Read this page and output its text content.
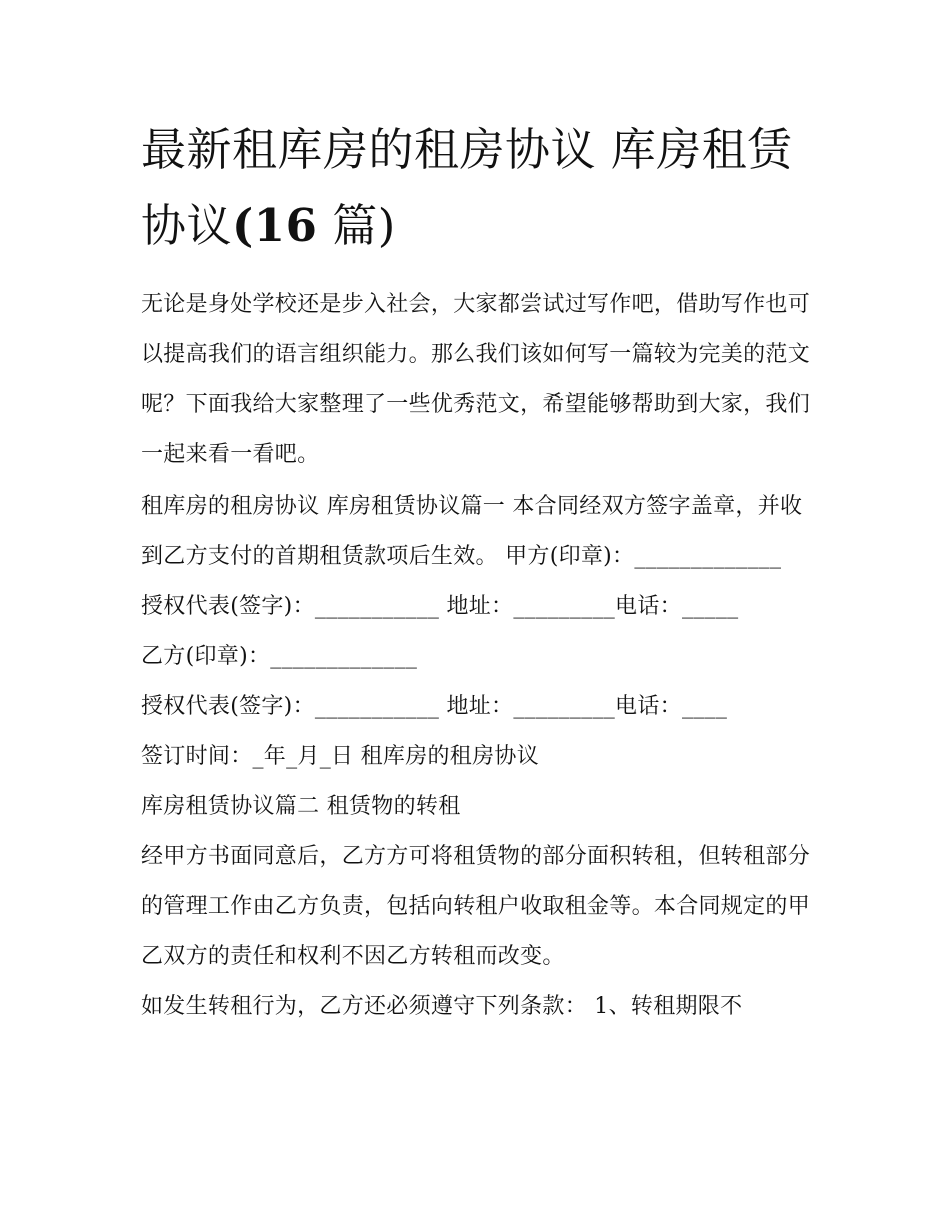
最新租库房的租房协议 库房租赁协议(16 篇)

无论是身处学校还是步入社会，大家都尝试过写作吧，借助写作也可以提高我们的语言组织能力。那么我们该如何写一篇较为完美的范文呢？下面我给大家整理了一些优秀范文，希望能够帮助到大家，我们一起来看一看吧。

租库房的租房协议 库房租赁协议篇一 本合同经双方签字盖章，并收到乙方支付的首期租赁款项后生效。 甲方(印章)：_____________

授权代表(签字)：___________ 地址：_________电话：_____

乙方(印章)：_____________

授权代表(签字)：___________ 地址：_________电话：____

签订时间：_年_月_日 租库房的租房协议

库房租赁协议篇二 租赁物的转租

经甲方书面同意后，乙方方可将租赁物的部分面积转租，但转租部分的管理工作由乙方负责，包括向转租户收取租金等。本合同规定的甲乙双方的责任和权利不因乙方转租而改变。

如发生转租行为，乙方还必须遵守下列条款： 1、转租期限不
